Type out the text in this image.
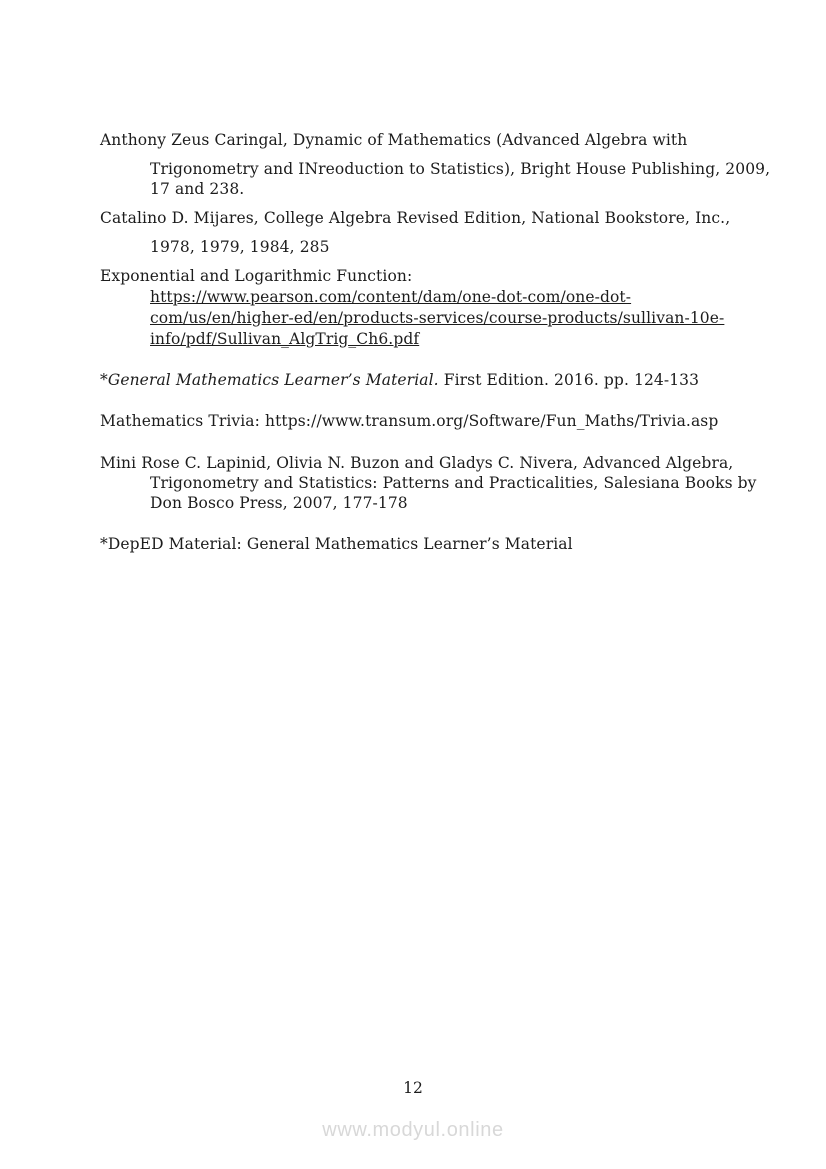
Anthony Zeus Caringal, Dynamic of Mathematics (Advanced Algebra with
Trigonometry and INreoduction to Statistics), Bright House Publishing, 2009,
17 and 238.
Catalino D. Mijares, College Algebra Revised Edition, National Bookstore, Inc.,
1978, 1979, 1984, 285
Exponential and Logarithmic Function:
https://www.pearson.com/content/dam/one-dot-com/one-dot-
com/us/en/higher-ed/en/products-services/course-products/sullivan-10e-
info/pdf/Sullivan_AlgTrig_Ch6.pdf
*General Mathematics Learner’s Material. First Edition. 2016. pp. 124-133
Mathematics Trivia: https://www.transum.org/Software/Fun_Maths/Trivia.asp
Mini Rose C. Lapinid, Olivia N. Buzon and Gladys C. Nivera, Advanced Algebra,
Trigonometry and Statistics: Patterns and Practicalities, Salesiana Books by
Don Bosco Press, 2007, 177-178
*DepED Material: General Mathematics Learner’s Material
12
www.modyul.online
